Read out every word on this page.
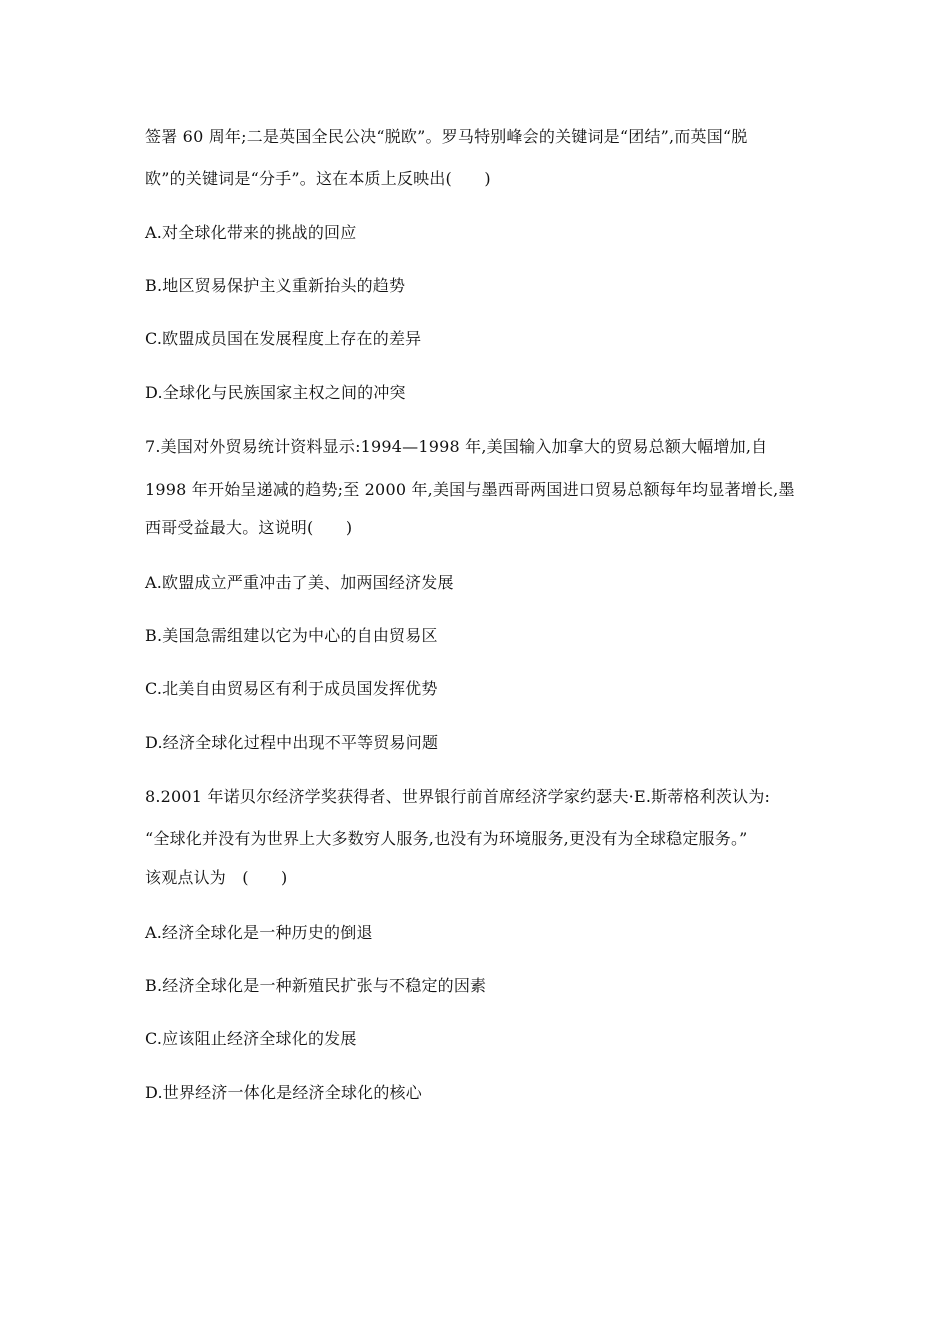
签署 60 周年;二是英国全民公决“脱欧”。罗马特别峰会的关键词是“团结”,而英国“脱
欧”的关键词是“分手”。这在本质上反映出(　　)
A.对全球化带来的挑战的回应
B.地区贸易保护主义重新抬头的趋势
C.欧盟成员国在发展程度上存在的差异
D.全球化与民族国家主权之间的冲突
7.美国对外贸易统计资料显示:1994—1998 年,美国输入加拿大的贸易总额大幅增加,自
1998 年开始呈递减的趋势;至 2000 年,美国与墨西哥两国进口贸易总额每年均显著增长,墨
西哥受益最大。这说明(　　)
A.欧盟成立严重冲击了美、加两国经济发展
B.美国急需组建以它为中心的自由贸易区
C.北美自由贸易区有利于成员国发挥优势
D.经济全球化过程中出现不平等贸易问题
8.2001 年诺贝尔经济学奖获得者、世界银行前首席经济学家约瑟夫·E.斯蒂格利茨认为:
“全球化并没有为世界上大多数穷人服务,也没有为环境服务,更没有为全球稳定服务。”
该观点认为　(　　)
A.经济全球化是一种历史的倒退
B.经济全球化是一种新殖民扩张与不稳定的因素
C.应该阻止经济全球化的发展
D.世界经济一体化是经济全球化的核心
